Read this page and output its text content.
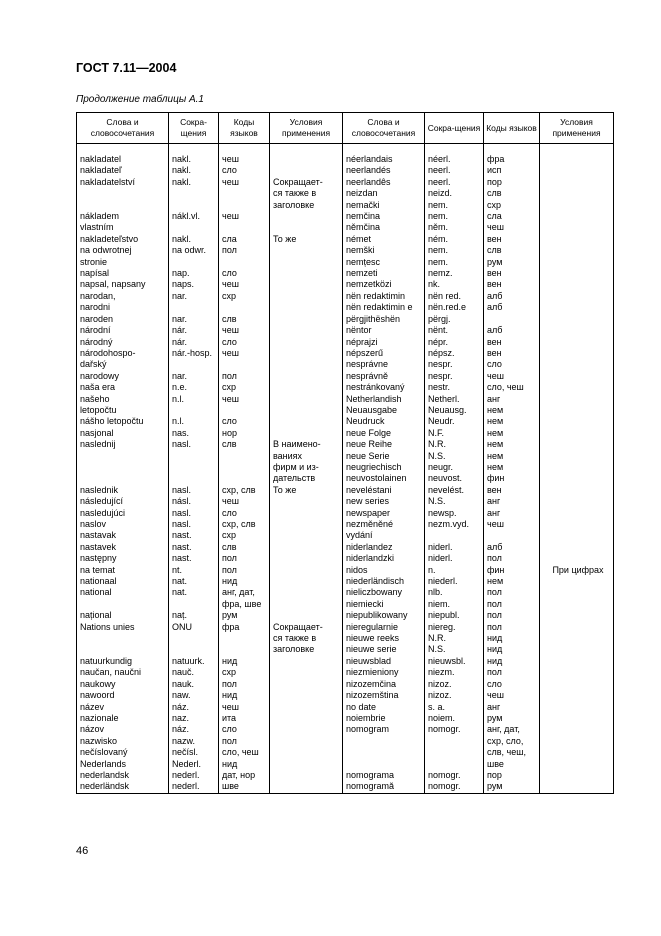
ГОСТ 7.11—2004
Продолжение таблицы А.1
Слова и словосочетания	Сокра-щения	Коды языков	Условия применения	Слова и словосочетания	Сокра-щения	Коды языков	Условия применения

nakladatel	nakl.	чеш		néerlandais	néerl.	фра	
nakladateľ	nakl.	сло		neerlandés	neerl.	исп	
nakladatelství	nakl.	чеш	Сокращает-	neerlandês	neerl.	пор	
			ся также в	neizdan	neizd.	слв	
			заголовке	nemački	nem.	схр	
nákladem	nákl.vl.	чеш		nemčina	nem.	сла	
vlastním				němčina	něm.	чеш	
nakladeteľstvo	nakl.	сла	То же	német	ném.	вен	
na odwrotnej	na odwr.	пол		nemški	nem.	слв	
stronie				nemțesc	nem.	рум	
napísal	nap.	сло		nemzeti	nemz.	вен	
napsal, napsany	naps.	чеш		nemzetközi	nk.	вен	
narodan,	nar.	схр		nën redaktimin	nën red.	алб	
narodni				nën redaktimin e	nën.red.e	алб	
naroden	nar.	слв		përgjithëshën	përgj.		
národní	nár.	чеш		nëntor	nënt.	алб	
národný	nár.	сло		néprajzi	népr.	вен	
národohospo-	nár.-hosp.	чеш		népszerű	népsz.	вен	
dařský				nesprávne	nespr.	сло	
narodowy	nar.	пол		nesprávně	nespr.	чеш	
naša era	n.e.	схр		nestránkovaný	nestr.	сло, чеш	
našeho	n.l.	чеш		Netherlandish	Netherl.	анг	
letopočtu				Neuausgabe	Neuausg.	нем	
nášho letopočtu	n.l.	сло		Neudruck	Neudr.	нем	
nasjonal	nas.	нор		neue Folge	N.F.	нем	
naslednij	nasl.	слв	В наимено-	neue Reihe	N.R.	нем	
			ваниях	neue Serie	N.S.	нем	
			фирм и из-	neugriechisch	neugr.	нем	
			дательств	neuvostolainen	neuvost.	фин	
naslednik	nasl.	схр, слв	То же	neveléstani	nevelést.	вен	
následující	násl.	чеш		new series	N.S.	анг	
nasledujúci	nasl.	сло		newspaper	newsp.	анг	
naslov	nasl.	схр, слв		nezměněné	nezm.vyd.	чеш	
nastavak	nast.	схр		vydání			
nastavek	nast.	слв		niderlandez	niderl.	алб	
następny	nast.	пол		niderlandzki	niderl.	пол	
na temat	nt.	пол		nidos	n.	фин	При цифрах
nationaal	nat.	нид		niederländisch	niederl.	нем	
national	nat.	анг, дат,		nieliczbowany	nlb.	пол	
		фра, шве		niemiecki	niem.	пол	
național	naț.	рум		niepublikowany	niepubl.	пол	
Nations unies	ONU	фра	Сокращает-	nieregularnie	niereg.	пол	
			ся также в	nieuwe reeks	N.R.	нид	
			заголовке	nieuwe serie	N.S.	нид	
natuurkundig	natuurk.	нид		nieuwsblad	nieuwsbl.	нид	
naučan, naučni	nauč.	схр		niezmieniony	niezm.	пол	
naukowy	nauk.	пол		nizozemčina	nizoz.	сло	
nawoord	naw.	нид		nizozemština	nizoz.	чеш	
název	náz.	чеш		no date	s. a.	анг	
nazionale	naz.	ита		noiembrie	noiem.	рум	
názov	náz.	сло		nomogram	nomogr.	анг, дат,	
nazwisko	nazw.	пол				схр, сло,	
nečíslovaný	nečísl.	сло, чеш				слв, чеш,	
Nederlands	Nederl.	нид				шве	
nederlandsk	nederl.	дат, нор		nomograma	nomogr.	пор	
nederländsk	nederl.	шве		nomogramă	nomogr.	рум	
46
